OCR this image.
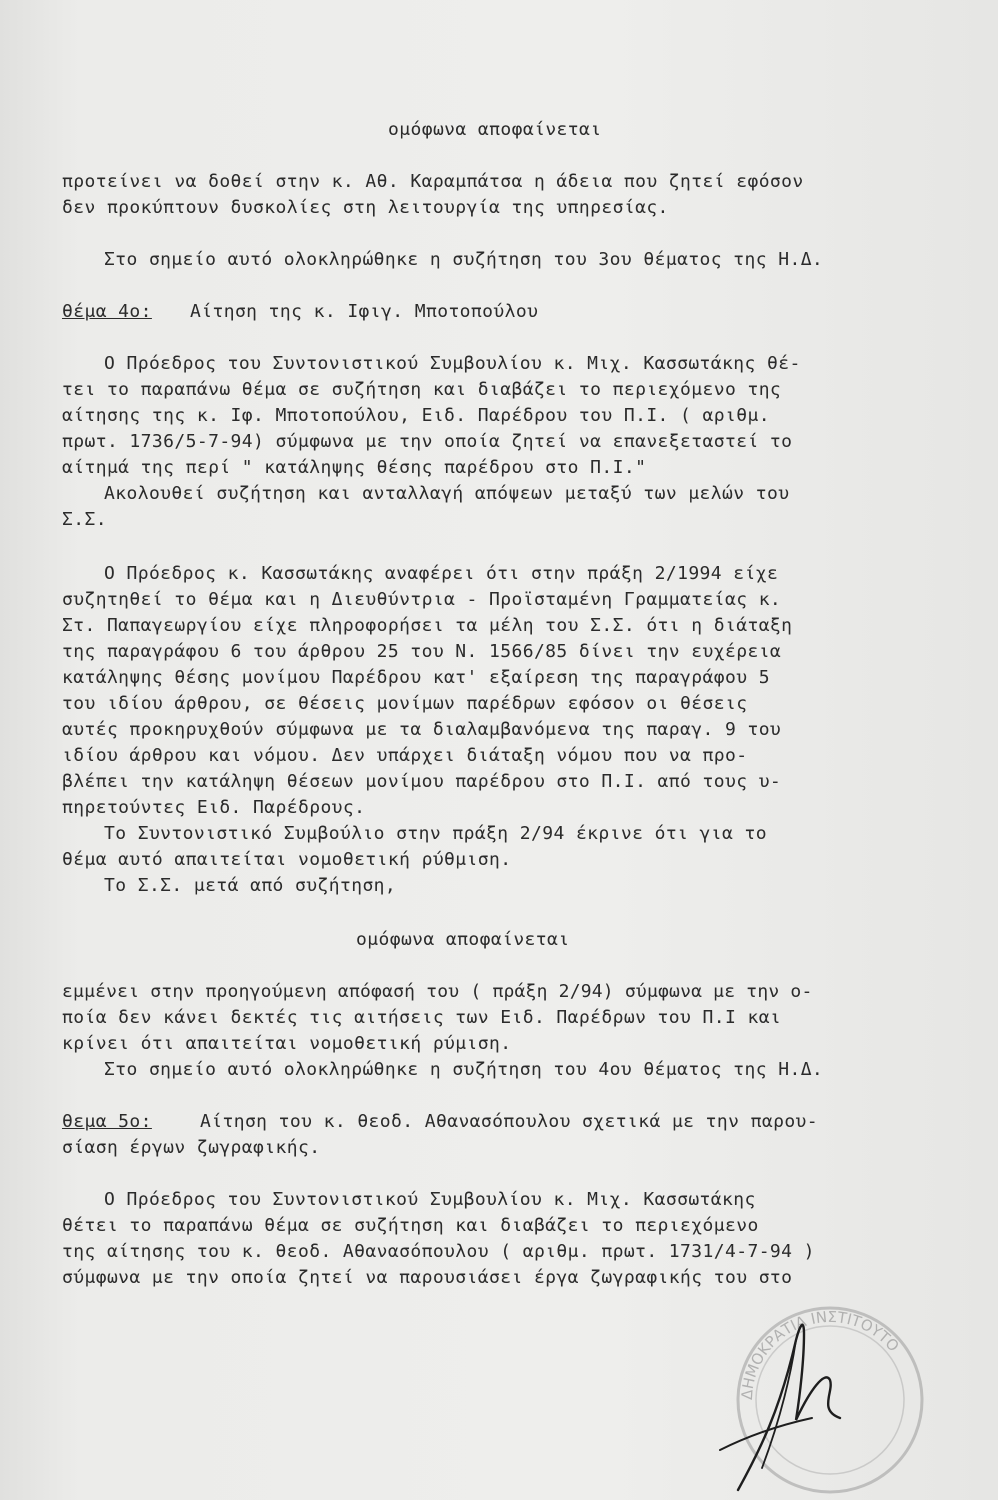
ομόφωνα αποφαίνεται
προτείνει να δοθεί στην κ. Αθ. Καραμπάτσα η άδεια που ζητεί εφόσον
δεν προκύπτουν δυσκολίες στη λειτουργία της υπηρεσίας.
Στο σημείο αυτό ολοκληρώθηκε η συζήτηση του 3ου θέματος της Η.Δ.
θέμα 4ο: Αίτηση της κ. Ιφιγ. Μποτοπούλου
Ο Πρόεδρος του Συντονιστικού Συμβουλίου κ. Μιχ. Κασσωτάκης θέ-
τει το παραπάνω θέμα σε συζήτηση και διαβάζει το περιεχόμενο της
αίτησης της κ. Ιφ. Μποτοπούλου, Ειδ. Παρέδρου του Π.Ι. ( αριθμ.
πρωτ. 1736/5-7-94) σύμφωνα με την οποία ζητεί να επανεξεταστεί το
αίτημά της περί " κατάληψης θέσης παρέδρου στο Π.Ι."
Ακολουθεί συζήτηση και ανταλλαγή απόψεων μεταξύ των μελών του
Σ.Σ.
Ο Πρόεδρος κ. Κασσωτάκης αναφέρει ότι στην πράξη 2/1994 είχε
συζητηθεί το θέμα και η Διευθύντρια - Προϊσταμένη Γραμματείας κ.
Στ. Παπαγεωργίου είχε πληροφορήσει τα μέλη του Σ.Σ. ότι η διάταξη
της παραγράφου 6 του άρθρου 25 του Ν. 1566/85 δίνει την ευχέρεια
κατάληψης θέσης μονίμου Παρέδρου κατ' εξαίρεση της παραγράφου 5
του ιδίου άρθρου, σε θέσεις μονίμων παρέδρων εφόσον οι θέσεις
αυτές προκηρυχθούν σύμφωνα με τα διαλαμβανόμενα της παραγ. 9 του
ιδίου άρθρου και νόμου. Δεν υπάρχει διάταξη νόμου που να προ-
βλέπει την κατάληψη θέσεων μονίμου παρέδρου στο Π.Ι. από τους υ-
πηρετούντες Ειδ. Παρέδρους.
Το Συντονιστικό Συμβούλιο στην πράξη 2/94 έκρινε ότι για το
θέμα αυτό απαιτείται νομοθετική ρύθμιση.
Το Σ.Σ. μετά από συζήτηση,
ομόφωνα αποφαίνεται
εμμένει στην προηγούμενη απόφασή του ( πράξη 2/94) σύμφωνα με την ο-
ποία δεν κάνει δεκτές τις αιτήσεις των Ειδ. Παρέδρων του Π.Ι και
κρίνει ότι απαιτείται νομοθετική ρύμιση.
Στο σημείο αυτό ολοκληρώθηκε η συζήτηση του 4ου θέματος της Η.Δ.
θεμα 5ο:	Αίτηση του κ. θεοδ. Αθανασόπουλου σχετικά με την παρου-
σίαση έργων ζωγραφικής.
Ο Πρόεδρος του Συντονιστικού Συμβουλίου κ. Μιχ. Κασσωτάκης
θέτει το παραπάνω θέμα σε συζήτηση και διαβάζει το περιεχόμενο
της αίτησης του κ. θεοδ. Αθανασόπουλου ( αριθμ. πρωτ. 1731/4-7-94 )
σύμφωνα με την οποία ζητεί να παρουσιάσει έργα ζωγραφικής του στο
ΔΗΜΟΚΡΑΤΙΑ ΙΝΣΤΙΤΟΥΤΟ
